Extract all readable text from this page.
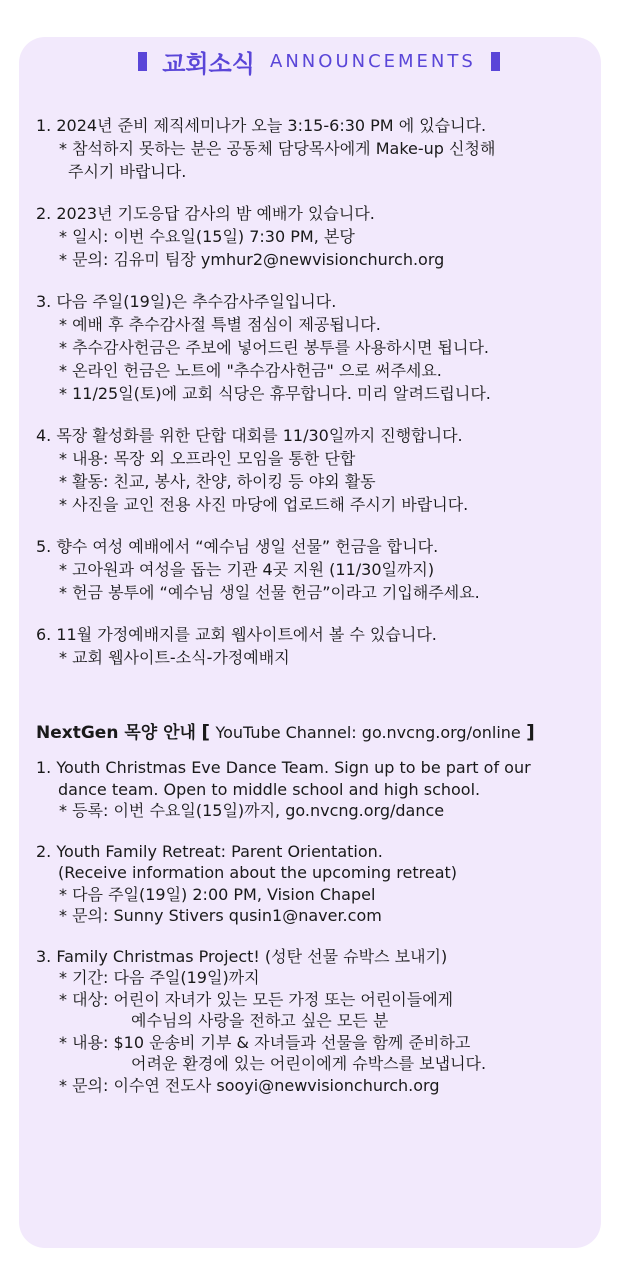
교회소식 ANNOUNCEMENTS
1. 2024년 준비 제직세미나가 오늘 3:15-6:30 PM 에 있습니다.
* 참석하지 못하는 분은 공동체 담당목사에게 Make-up 신청해
주시기 바랍니다.
2. 2023년 기도응답 감사의 밤 예배가 있습니다.
* 일시: 이번 수요일(15일) 7:30 PM, 본당
* 문의: 김유미 팀장 ymhur2@newvisionchurch.org
3. 다음 주일(19일)은 추수감사주일입니다.
* 예배 후 추수감사절 특별 점심이 제공됩니다.
* 추수감사헌금은 주보에 넣어드린 봉투를 사용하시면 됩니다.
* 온라인 헌금은 노트에 "추수감사헌금" 으로 써주세요.
* 11/25일(토)에 교회 식당은 휴무합니다. 미리 알려드립니다.
4. 목장 활성화를 위한 단합 대회를 11/30일까지 진행합니다.
* 내용: 목장 외 오프라인 모임을 통한 단합
* 활동: 친교, 봉사, 찬양, 하이킹 등 야외 활동
* 사진을 교인 전용 사진 마당에 업로드해 주시기 바랍니다.
5. 향수 여성 예배에서 “예수님 생일 선물” 헌금을 합니다.
* 고아원과 여성을 돕는 기관 4곳 지원 (11/30일까지)
* 헌금 봉투에 “예수님 생일 선물 헌금”이라고 기입해주세요.
6. 11월 가정예배지를 교회 웹사이트에서 볼 수 있습니다.
* 교회 웹사이트-소식-가정예배지
NextGen 목양 안내 [ YouTube Channel: go.nvcng.org/online ]
1. Youth Christmas Eve Dance Team. Sign up to be part of our
dance team. Open to middle school and high school.
* 등록: 이번 수요일(15일)까지, go.nvcng.org/dance
2. Youth Family Retreat: Parent Orientation.
(Receive information about the upcoming retreat)
* 다음 주일(19일) 2:00 PM, Vision Chapel
* 문의: Sunny Stivers qusin1@naver.com
3. Family Christmas Project! (성탄 선물 슈박스 보내기)
* 기간: 다음 주일(19일)까지
* 대상: 어린이 자녀가 있는 모든 가정 또는 어린이들에게
예수님의 사랑을 전하고 싶은 모든 분
* 내용: $10 운송비 기부 & 자녀들과 선물을 함께 준비하고
어려운 환경에 있는 어린이에게 슈박스를 보냅니다.
* 문의: 이수연 전도사 sooyi@newvisionchurch.org
